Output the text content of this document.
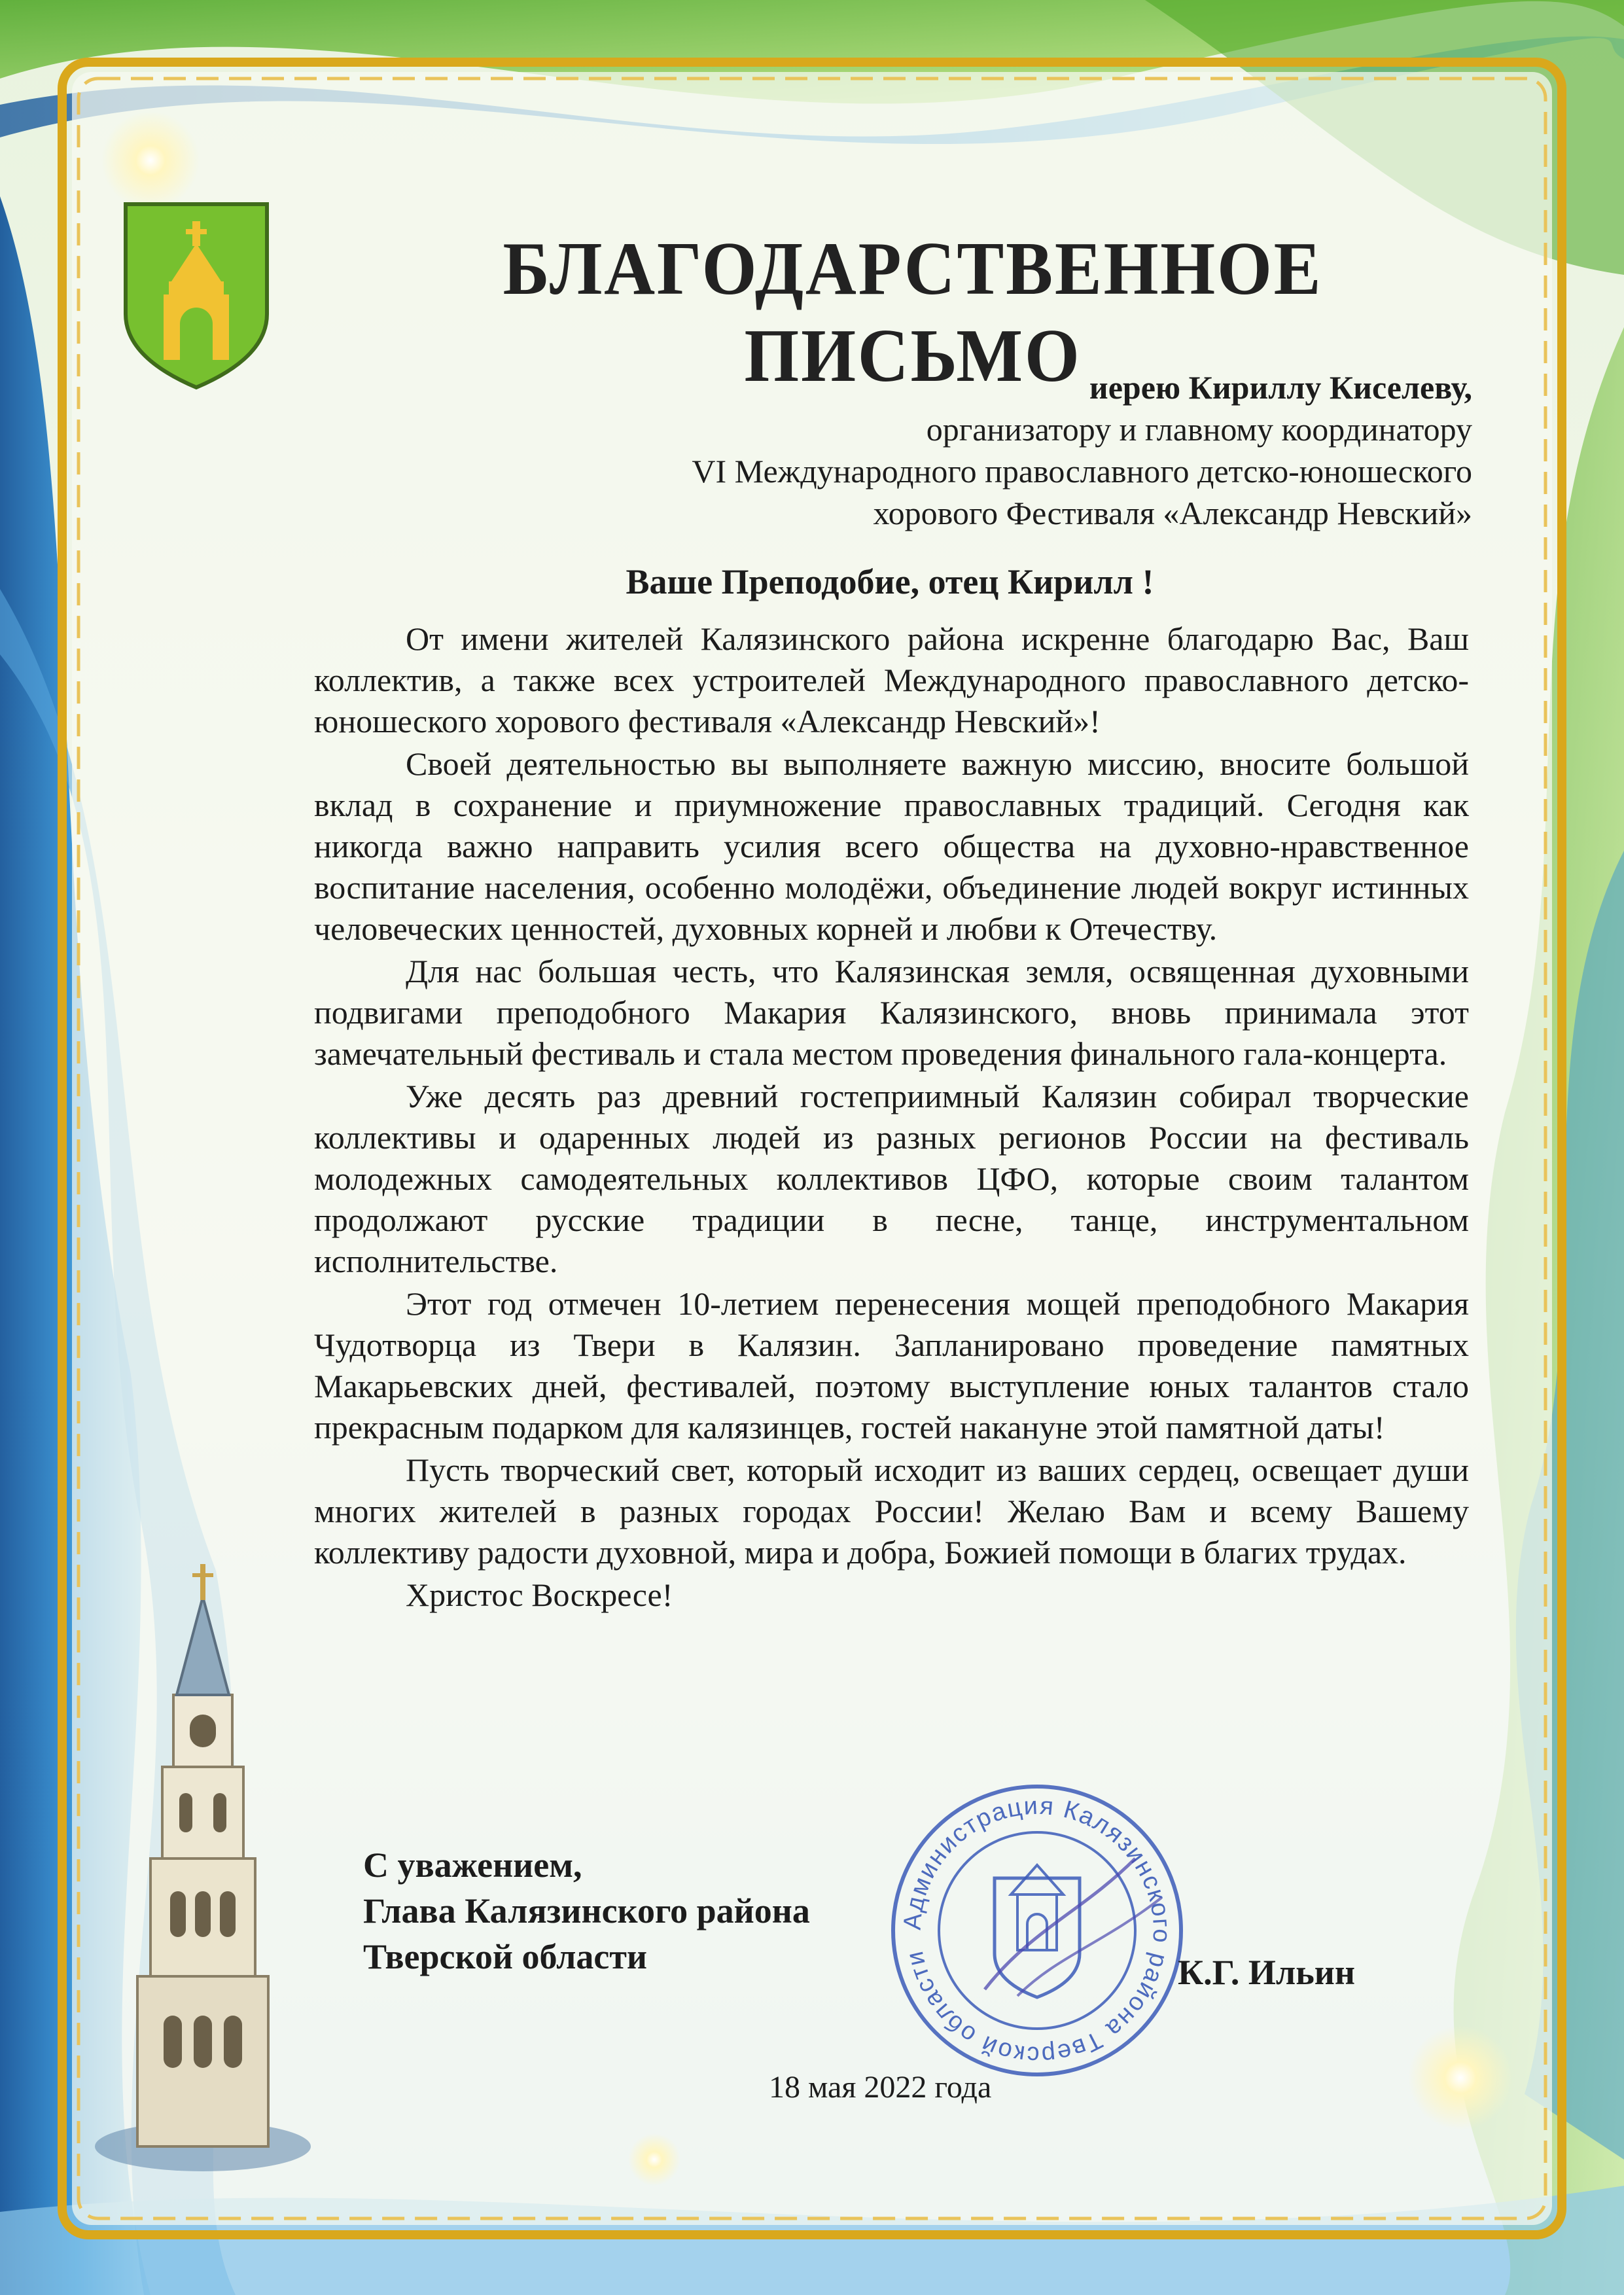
Администрация Калязинского района Тверской области
БЛАГОДАРСТВЕННОЕ ПИСЬМО иерею Кириллу Киселеву,
организатору и главному координатору
VI Международного православного детско-юношеского
хорового Фестиваля «Александр Невский»
Ваше Преподобие, отец Кирилл !

От имени жителей Калязинского района искренне благодарю Вас, Ваш коллектив, а также всех устроителей Международного православного детско-юношеского хорового фестиваля «Александр Невский»!

Своей деятельностью вы выполняете важную миссию, вносите большой вклад в сохранение и приумножение православных традиций. Сегодня как никогда важно направить усилия всего общества на духовно-нравственное воспитание населения, особенно молодёжи, объединение людей вокруг истинных человеческих ценностей, духовных корней и любви к Отечеству.

Для нас большая честь, что Калязинская земля, освященная духовными подвигами преподобного Макария Калязинского, вновь принимала этот замечательный фестиваль и стала местом проведения финального гала-концерта.

Уже десять раз древний гостеприимный Калязин собирал творческие коллективы и одаренных людей из разных регионов России на фестиваль молодежных самодеятельных коллективов ЦФО, которые своим талантом продолжают русские традиции в песне, танце, инструментальном исполнительстве.

Этот год отмечен 10-летием перенесения мощей преподобного Макария Чудотворца из Твери в Калязин. Запланировано проведение памятных Макарьевских дней, фестивалей, поэтому выступление юных талантов стало прекрасным подарком для калязинцев, гостей накануне этой памятной даты!

Пусть творческий свет, который исходит из ваших сердец, освещает души многих жителей в разных городах России! Желаю Вам и всему Вашему коллективу радости духовной, мира и добра, Божией помощи в благих трудах.

Христос Воскресе!

С уважением,
Глава Калязинского района
Тверской области	К.Г. Ильин
18 мая 2022 года
